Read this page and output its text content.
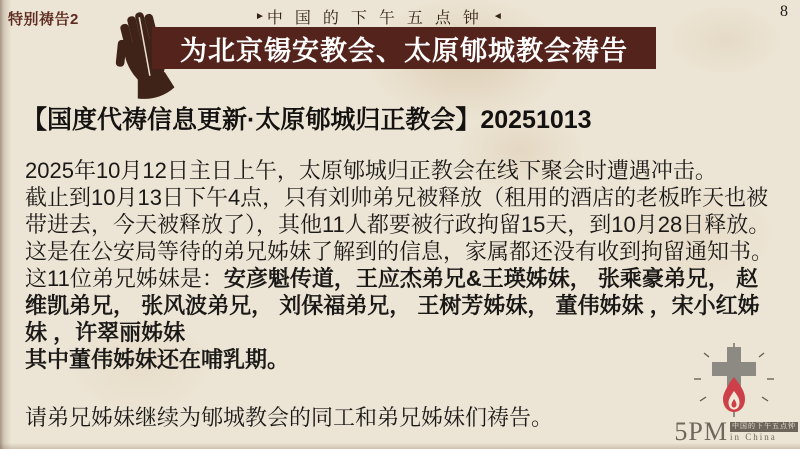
特别祷告2	► 中国的下午五点钟 ◄	8
为北京锡安教会、太原郇城教会祷告
【国度代祷信息更新·太原郇城归正教会】20251013
2025年10月12日主日上午，太原郇城归正教会在线下聚会时遭遇冲击。
截止到10月13日下午4点，只有刘帅弟兄被释放（租用的酒店的老板昨天也被
带进去，今天被释放了），其他11人都要被行政拘留15天，到10月28日释放。
这是在公安局等待的弟兄姊妹了解到的信息，家属都还没有收到拘留通知书。
这11位弟兄姊妹是：安彦魁传道，王应杰弟兄&王瑛姊妹， 张乘豪弟兄， 赵
维凯弟兄， 张风波弟兄， 刘保福弟兄， 王树芳姊妹， 董伟姊妹 ，宋小红姊
妹 ，许翠丽姊妹
其中董伟姊妹还在哺乳期。
请弟兄姊妹继续为郇城教会的同工和弟兄姊妹们祷告。	5PM 中国的下午五点钟
in China
